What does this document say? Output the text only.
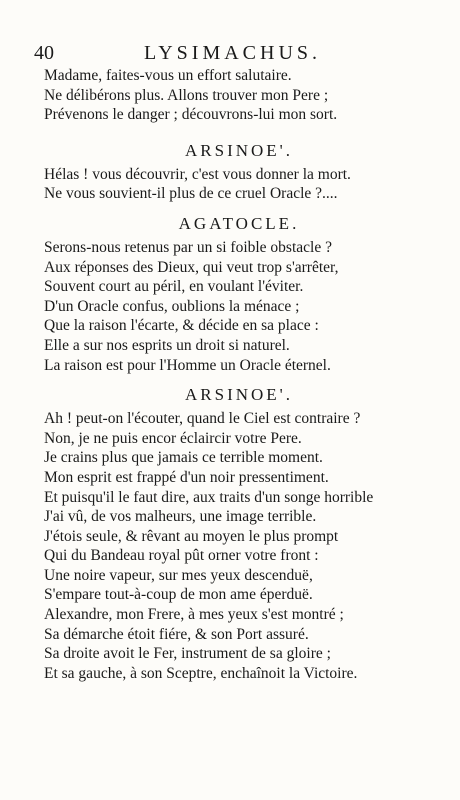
40	LYSIMACHUS.
Madame, faites-vous un effort salutaire.
Ne délibérons plus. Allons trouver mon Pere ;
Prévenons le danger ; découvrons-lui mon sort.
ARSINOE'.
Hélas ! vous découvrir, c'est vous donner la mort.
Ne vous souvient-il plus de ce cruel Oracle ?....
AGATOCLE.
Serons-nous retenus par un si foible obstacle ?
Aux réponses des Dieux, qui veut trop s'arrêter,
Souvent court au péril, en voulant l'éviter.
D'un Oracle confus, oublions la ménace ;
Que la raison l'écarte, & décide en sa place :
Elle a sur nos esprits un droit si naturel.
La raison est pour l'Homme un Oracle éternel.
ARSINOE'.
Ah ! peut-on l'écouter, quand le Ciel est contraire ?
Non, je ne puis encor éclaircir votre Pere.
Je crains plus que jamais ce terrible moment.
Mon esprit est frappé d'un noir pressentiment.
Et puisqu'il le faut dire, aux traits d'un songe horrible
J'ai vû, de vos malheurs, une image terrible.
J'étois seule, & rêvant au moyen le plus prompt
Qui du Bandeau royal pût orner votre front :
Une noire vapeur, sur mes yeux descenduë,
S'empare tout-à-coup de mon ame éperduë.
Alexandre, mon Frere, à mes yeux s'est montré ;
Sa démarche étoit fiére, & son Port assuré.
Sa droite avoit le Fer, instrument de sa gloire ;
Et sa gauche, à son Sceptre, enchaînoit la Victoire.
